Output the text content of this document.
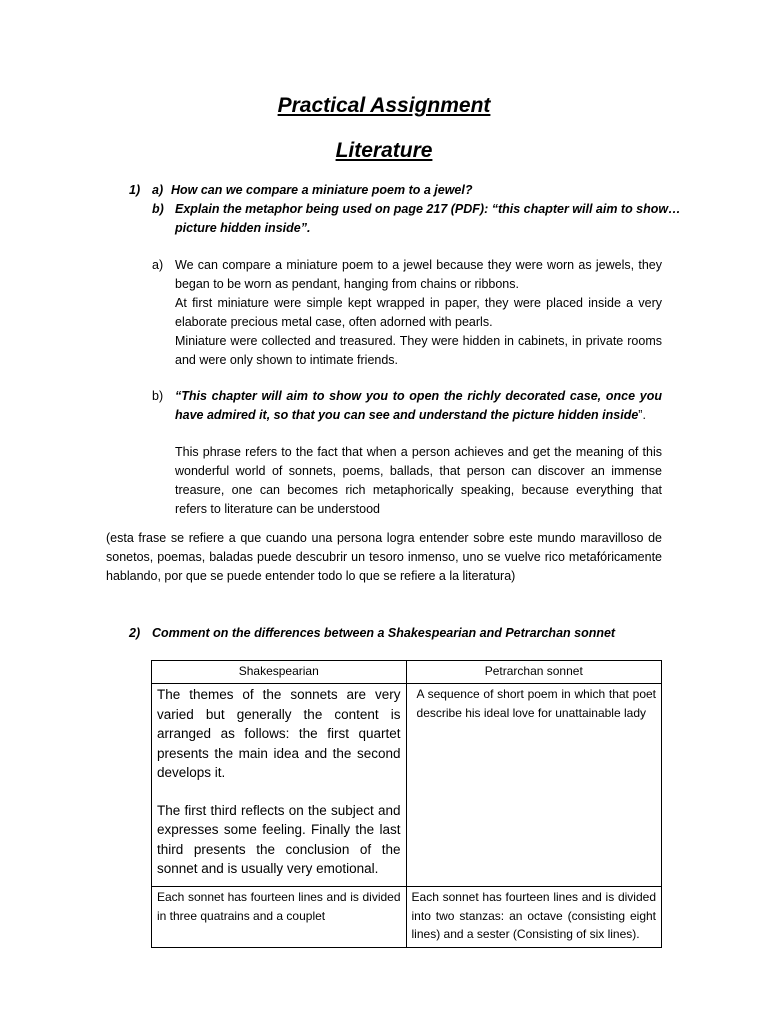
Practical Assignment
Literature
1) a) How can we compare a miniature poem to a jewel?
b) Explain the metaphor being used on page 217 (PDF): “this chapter will aim to show…
picture hidden inside”.
a) We can compare a miniature poem to a jewel because they were worn as jewels, they began to be worn as pendant, hanging from chains or ribbons.
At first miniature were simple kept wrapped in paper, they were placed inside a very elaborate precious metal case, often adorned with pearls.
Miniature were collected and treasured. They were hidden in cabinets, in private rooms and were only shown to intimate friends.
b) “This chapter will aim to show you to open the richly decorated case, once you have admired it, so that you can see and understand the picture hidden inside”.
This phrase refers to the fact that when a person achieves and get the meaning of this wonderful world of sonnets, poems, ballads, that person can discover an immense treasure, one can becomes rich metaphorically speaking, because everything that refers to literature can be understood
(esta frase se refiere a que cuando una persona logra entender sobre este mundo maravilloso de sonetos, poemas, baladas puede descubrir un tesoro inmenso, uno se vuelve rico metafóricamente hablando, por que se puede entender todo lo que se refiere a la literatura)
2) Comment on the differences between a Shakespearian and Petrarchan sonnet
Shakespearian	Petrarchan sonnet

The themes of the sonnets are very varied but generally the content is arranged as follows: the first quartet presents the main idea and the second develops it.
The first third reflects on the subject and expresses some feeling. Finally the last third presents the conclusion of the sonnet and is usually very emotional.	A sequence of short poem in which that poet describe his ideal love for unattainable lady

Each sonnet has fourteen lines and is divided in three quatrains and a couplet	Each sonnet has fourteen lines and is divided into two stanzas: an octave (consisting eight lines) and a sester (Consisting of six lines).
